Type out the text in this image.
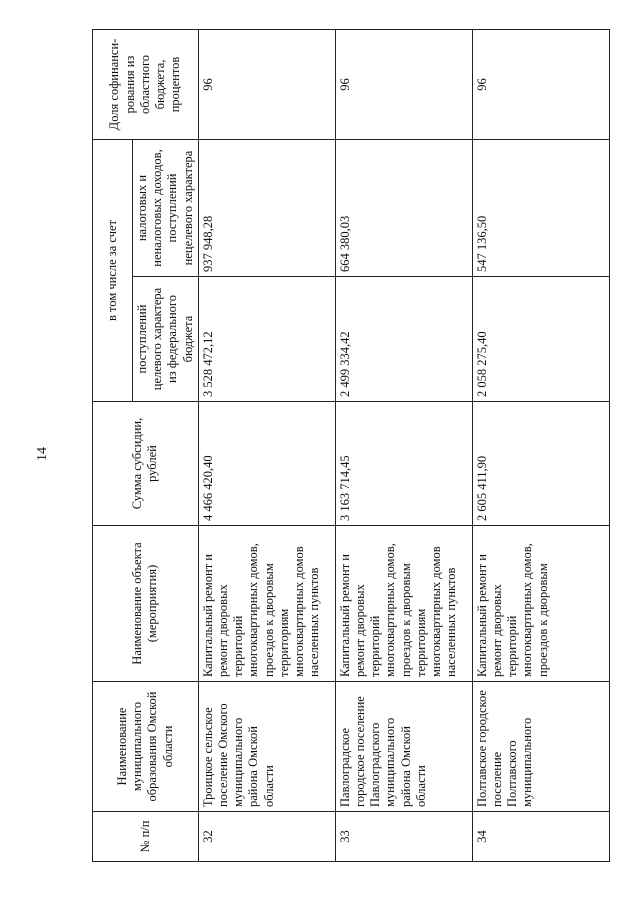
14
№ п/п	Наименование муниципального образования Омской области	Наименование объекта (мероприятия)	Сумма субсидии, рублей	в том числе за счет		Доля софинанси-рования из областного бюджета, процентов
				поступлений целевого характера из федерального бюджета	налоговых и неналоговых доходов, поступлений нецелевого характера	
32	Троицкое сельское поселение Омского муниципального района Омской области	Капитальный ремонт и ремонт дворовых территорий многоквартирных домов, проездов к дворовым территориям многоквартирных домов населенных пунктов	4 466 420,40	3 528 472,12	937 948,28	96
33	Павлоградское городское поселение Павлоградского муниципального района Омской области	Капитальный ремонт и ремонт дворовых территорий многоквартирных домов, проездов к дворовым территориям многоквартирных домов населенных пунктов	3 163 714,45	2 499 334,42	664 380,03	96
34	Полтавское городское поселение Полтавского муниципального	Капитальный ремонт и ремонт дворовых территорий многоквартирных домов, проездов к дворовым	2 605 411,90	2 058 275,40	547 136,50	96
